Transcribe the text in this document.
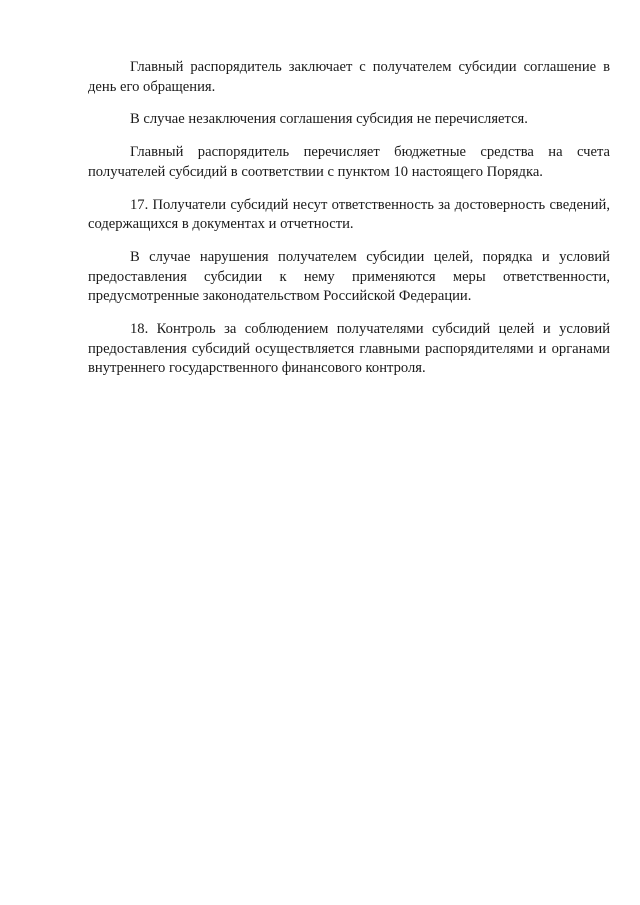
Главный распорядитель заключает с получателем субсидии соглашение в день его обращения.

В случае незаключения соглашения субсидия не перечисляется.

Главный распорядитель перечисляет бюджетные средства на счета получателей субсидий в соответствии с пунктом 10 настоящего Порядка.

17. Получатели субсидий несут ответственность за достоверность сведений, содержащихся в документах и отчетности.

В случае нарушения получателем субсидии целей, порядка и условий предоставления субсидии к нему применяются меры ответственности, предусмотренные законодательством Российской Федерации.

18. Контроль за соблюдением получателями субсидий целей и условий предоставления субсидий осуществляется главными распорядителями и органами внутреннего государственного финансового контроля.
